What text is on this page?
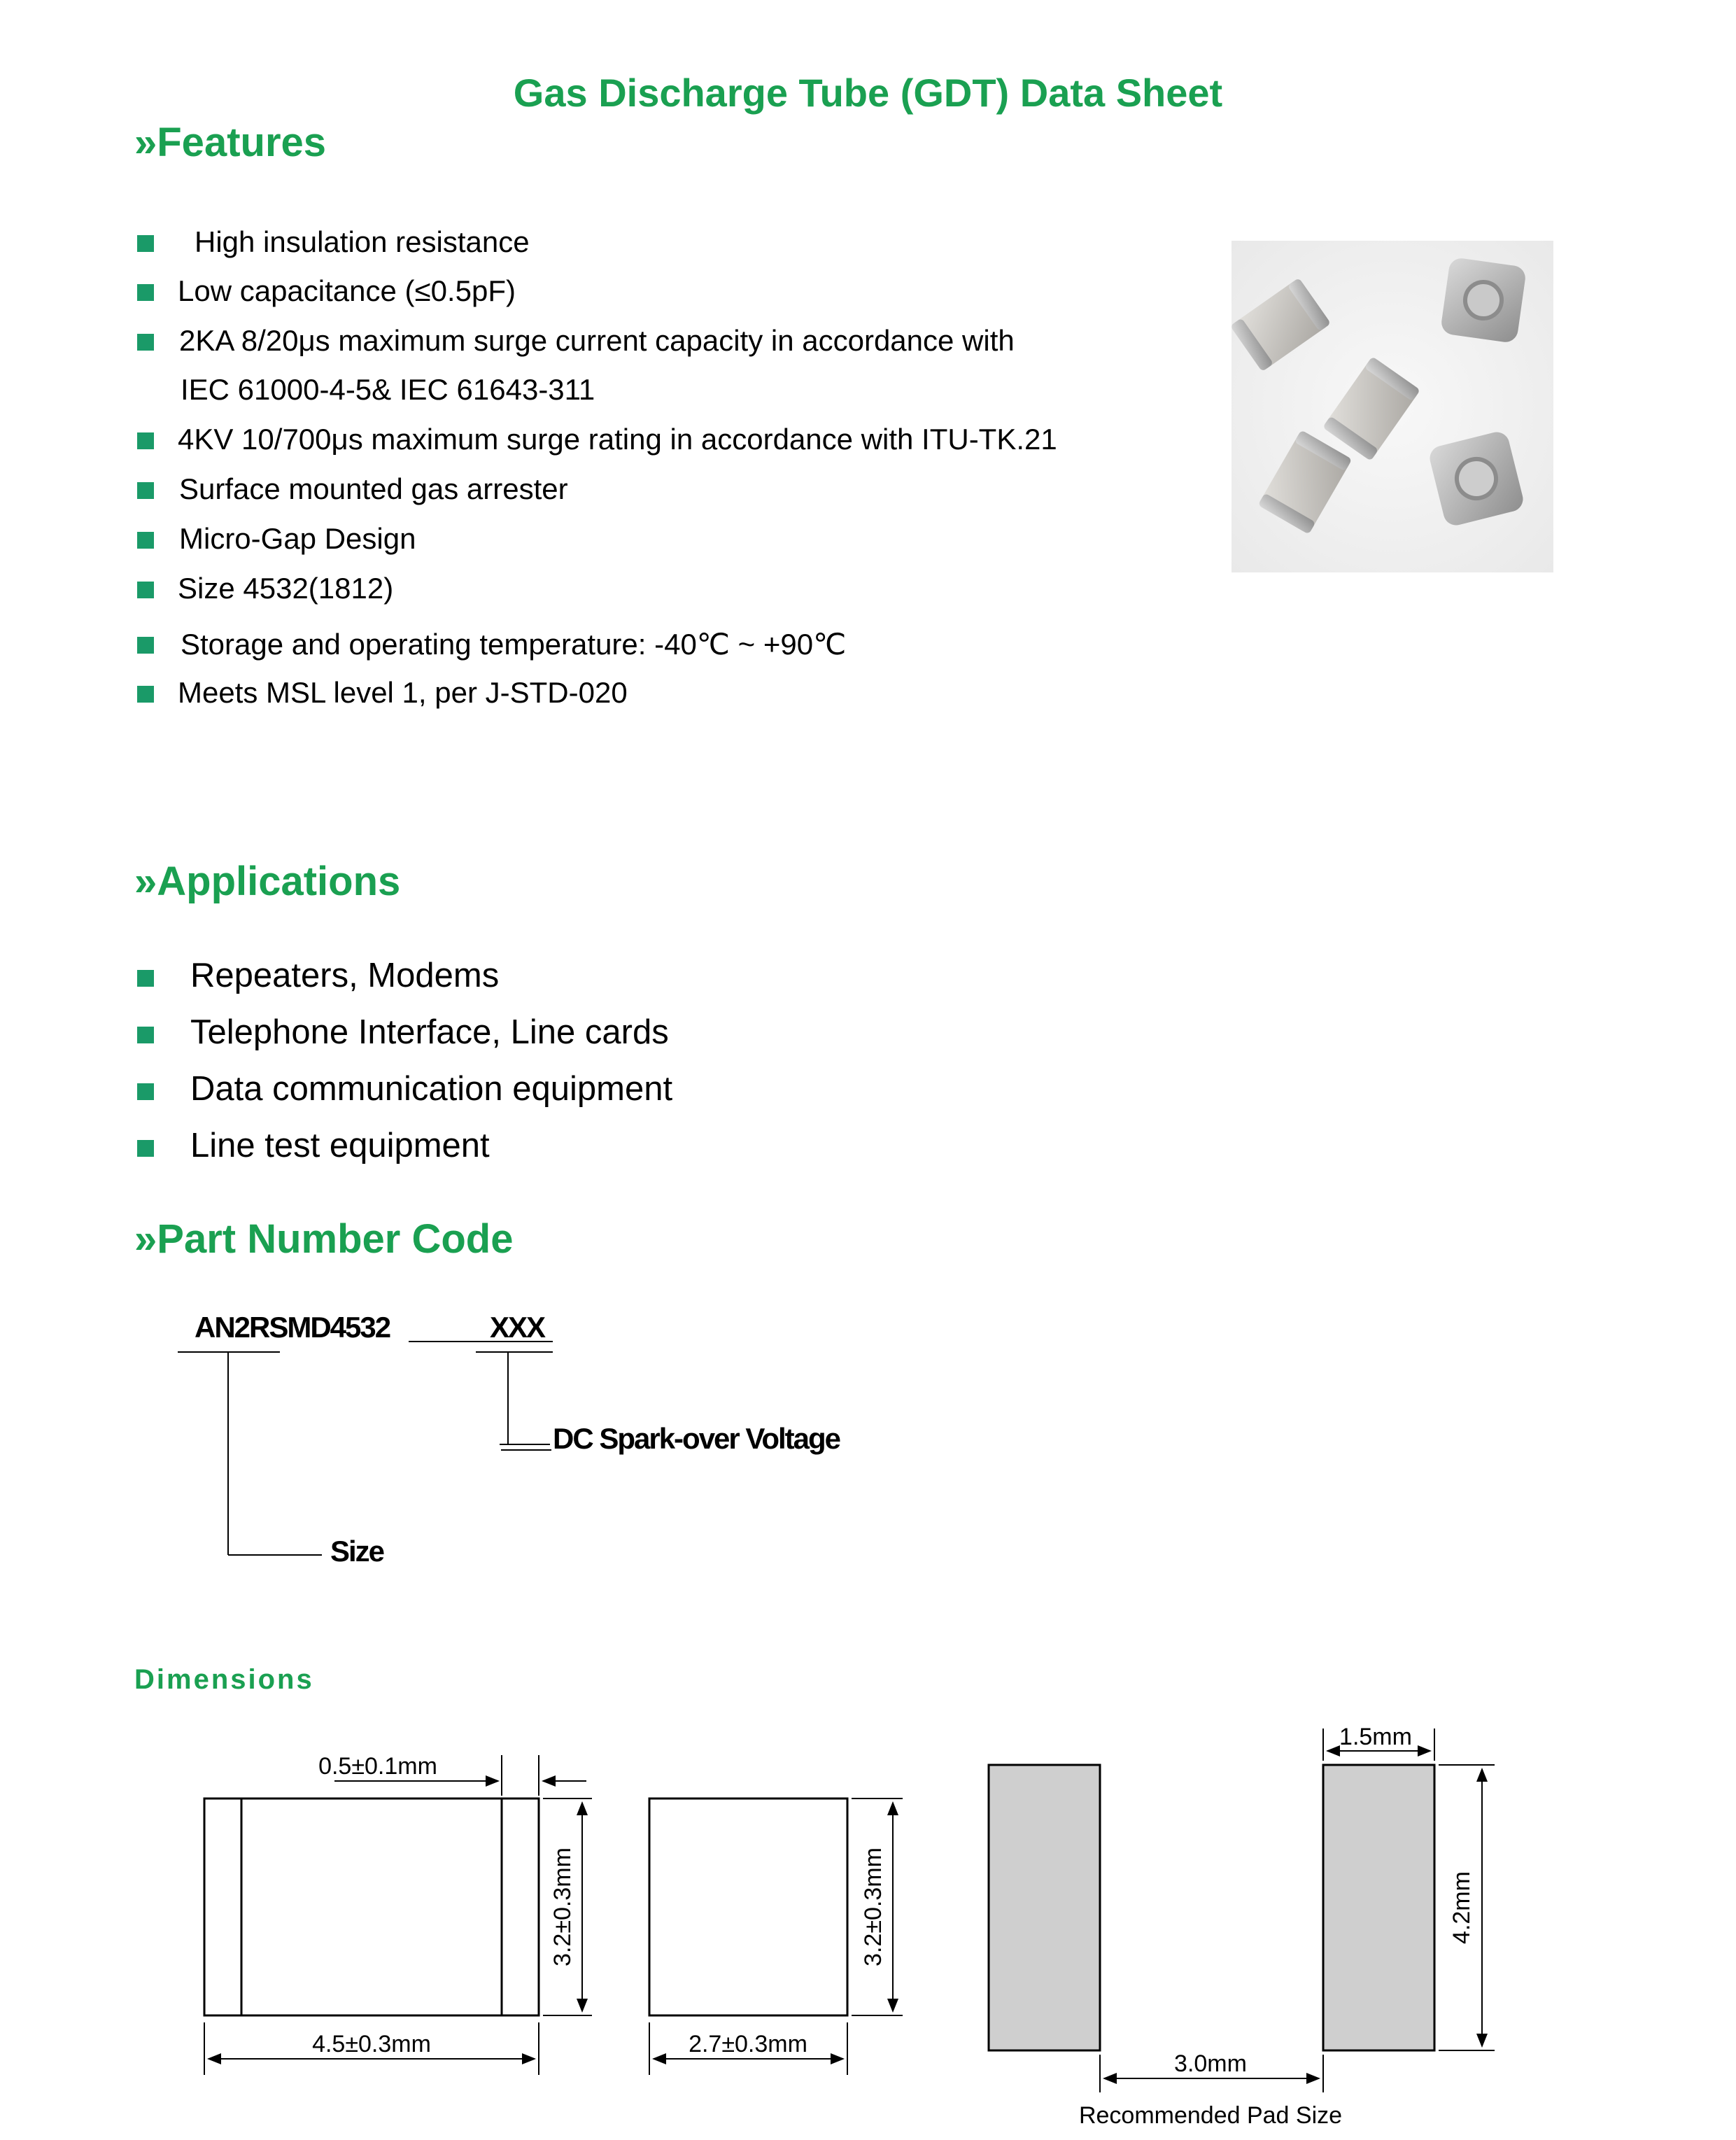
Gas Discharge Tube (GDT) Data Sheet
»Features
High insulation resistance
Low capacitance (≤0.5pF)
2KA 8/20μs maximum surge current capacity in accordance with
IEC 61000-4-5& IEC 61643-311
4KV 10/700μs maximum surge rating in accordance with ITU-TK.21
Surface mounted gas arrester
Micro-Gap Design
Size 4532(1812)
Storage and operating temperature: -40℃ ~ +90℃
Meets MSL level 1, per J-STD-020
»Applications
Repeaters, Modems
Telephone Interface, Line cards
Data communication equipment
Line test equipment
»Part Number Code
AN2RSMD4532	XXX
DC Spark-over Voltage
Size
Dimensions
0.5±0.1mm
4.5±0.3mm
3.2±0.3mm
2.7±0.3mm
3.2±0.3mm
1.5mm
4.2mm
3.0mm
Recommended Pad Size
